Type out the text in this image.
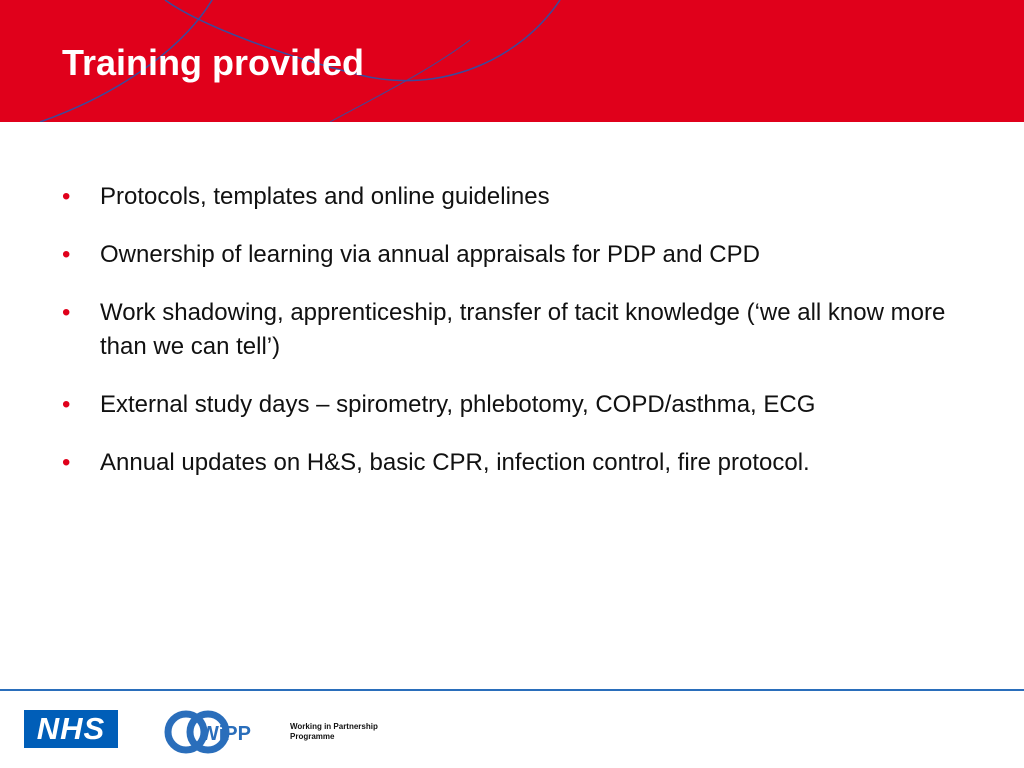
Training provided
• Protocols, templates and online guidelines
• Ownership of learning via annual appraisals for PDP and CPD
• Work shadowing, apprenticeship, transfer of tacit knowledge (‘we all know more than we can tell’)
• External study days – spirometry, phlebotomy, COPD/asthma, ECG
• Annual updates on H&S, basic CPR, infection control, fire protocol.
NHS	WiPP	Working in Partnership
Programme
